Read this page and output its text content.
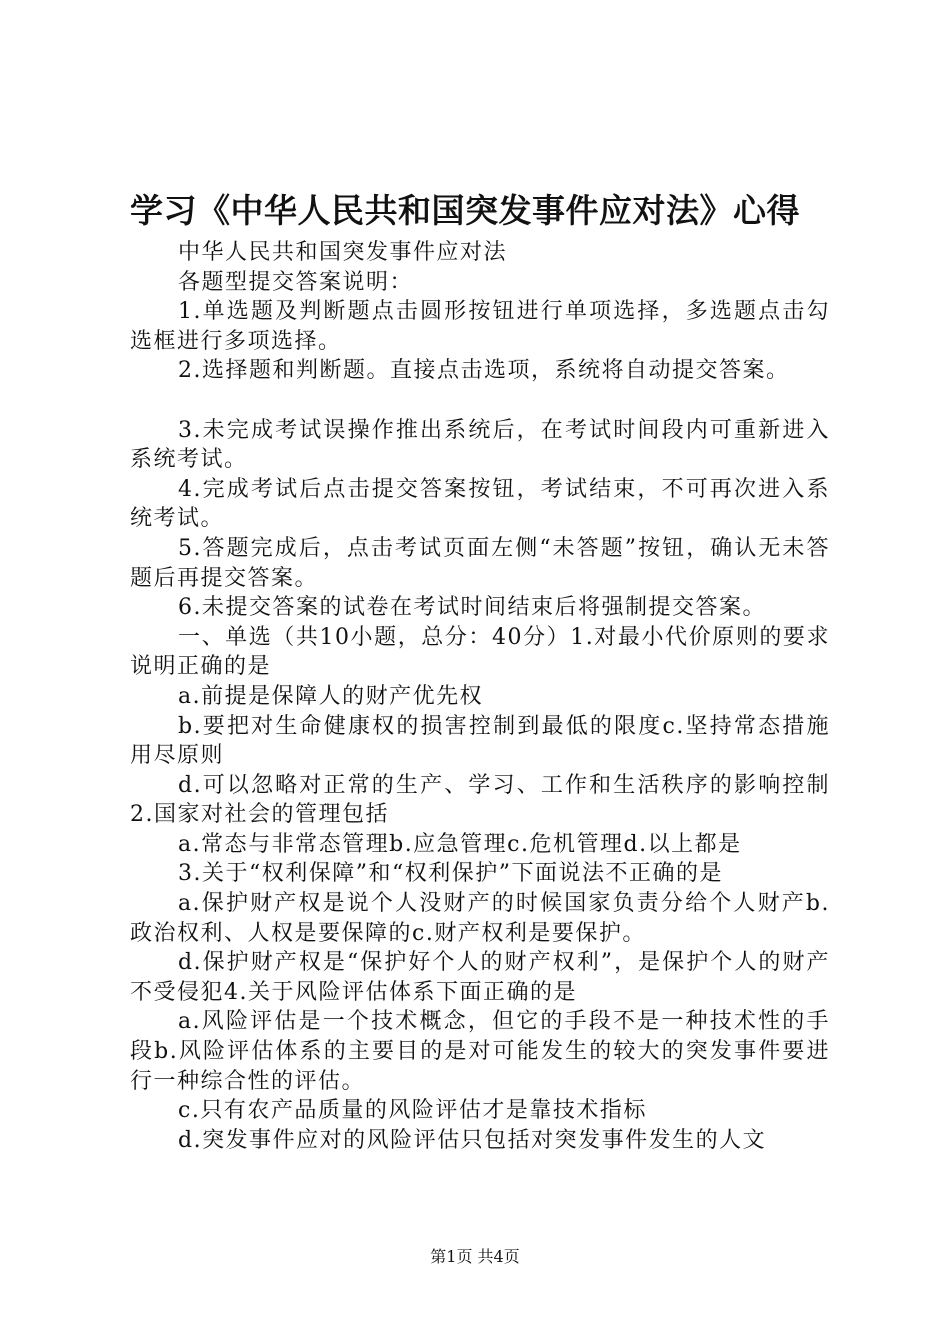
学习《中华人民共和国突发事件应对法》心得

中华人民共和国突发事件应对法

各题型提交答案说明：

1.单选题及判断题点击圆形按钮进行单项选择，多选题点击勾选框进行多项选择。

2.选择题和判断题。直接点击选项，系统将自动提交答案。

3.未完成考试误操作推出系统后，在考试时间段内可重新进入系统考试。

4.完成考试后点击提交答案按钮，考试结束，不可再次进入系统考试。

5.答题完成后，点击考试页面左侧“未答题”按钮，确认无未答题后再提交答案。

6.未提交答案的试卷在考试时间结束后将强制提交答案。

一、单选（共10小题，总分：40分）1.对最小代价原则的要求说明正确的是

a.前提是保障人的财产优先权

b.要把对生命健康权的损害控制到最低的限度c.坚持常态措施用尽原则

d.可以忽略对正常的生产、学习、工作和生活秩序的影响控制2.国家对社会的管理包括

a.常态与非常态管理b.应急管理c.危机管理d.以上都是

3.关于“权利保障”和“权利保护”下面说法不正确的是

a.保护财产权是说个人没财产的时候国家负责分给个人财产b.政治权利、人权是要保障的c.财产权利是要保护。

d.保护财产权是“保护好个人的财产权利”，是保护个人的财产不受侵犯4.关于风险评估体系下面正确的是

a.风险评估是一个技术概念，但它的手段不是一种技术性的手段b.风险评估体系的主要目的是对可能发生的较大的突发事件要进行一种综合性的评估。

c.只有农产品质量的风险评估才是靠技术指标

d.突发事件应对的风险评估只包括对突发事件发生的人文

第1页 共4页
